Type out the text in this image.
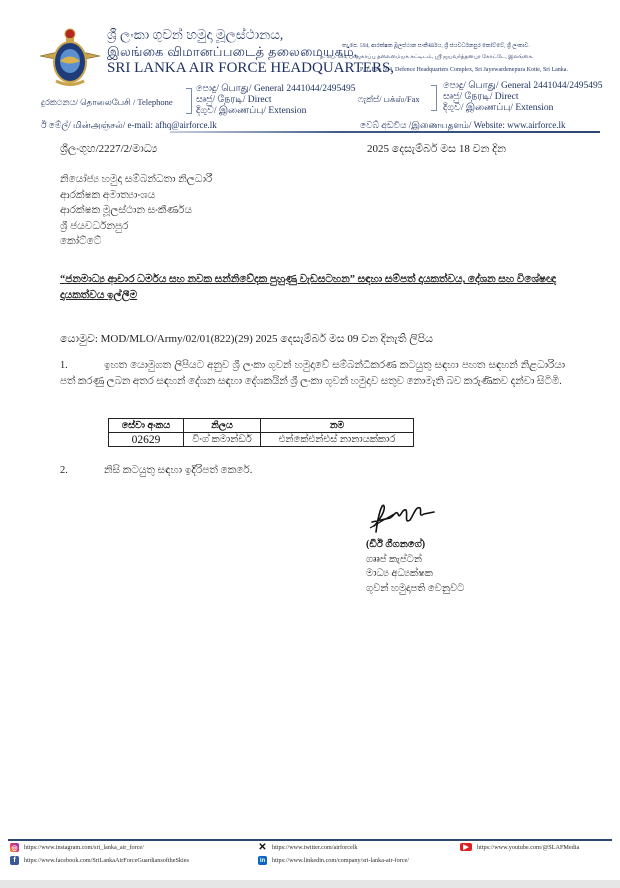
ශ්‍රී ලංකා ගුවන් හමුදා මූලස්ථානය,
இலங்கை விமானப்படைத் தலைமையகம்,
SRI LANKA AIR FORCE HEADQUARTERS,
තැ.පෙ. 594, ආරක්ෂක මූලස්ථාන සංකීර්ණය, ශ්‍රී ජයවර්ධනපුර කෝට්ටේ, ශ්‍රී ලංකාව.
த. பெ. 594, பாதுகாப்பு தலைமையக கட்டிடம், ஸ்ரீ ஜயவர்த்தனபுர கோட்டே, இலங்கை.
P.O. Box 594, Defence Headquarters Complex, Sri Jayewardenepura Kotte, Sri Lanka.
දුරකථනය/ தொலைபேசி / Telephone
පොදු/ பொது/ General 2441044/2495495
සෘජු/ நேரடி/ Direct
දිගුව/ இணைப்பு/ Extension
ෆැක්ස්/ பக்ஸ்/Fax
පොදු/ பொது/ General 2441044/2495495
සෘජු/ நேரடி/ Direct
දිගුව/ இணைப்பு/ Extension
ඊ මේල්/ மின்அஞ்சல்/ e-mail: afhq@airforce.lk	වෙබ් අඩවිය /இணையதளம்/ Website: www.airforce.lk
ශ්‍රීලංගුහ/2227/2/මාධ්‍ය	2025 දෙසැම්බර් මස 18 වන දින
නියෝජ්‍ය හමුදා සම්බන්ධතා නිලධාරී
ආරක්ෂක අමාත්‍යාංශය
ආරක්ෂක මූලස්ථාන සංකීර්ණය
ශ්‍රී ජයවර්ධනපුර
කෝට්ටේ
“ජනමාධ්‍ය ආචාර ධර්මය සහ නවක සන්නිවේදක පුහුණු වැඩසටහන” සඳහා සම්පත් දායකත්වය, දේශන සහ විශේෂඥ දායකත්වය ඉල්ලීම
යොමුව: MOD/MLO/Army/02/01(822)(29) 2025 දෙසැම්බර් මස 09 වන දිනැති ලිපිය
1.	ඉහත යොමුගත ලිපියට අනුව ශ්‍රී ලංකා ගුවන් හමුදාවේ සම්බන්ධීකරණ කටයුතු සඳහා පහත සඳහන් නිළධාරියා පත් කරණු ලබන අතර සඳහන් දේශන සඳහා දේශකයින් ශ්‍රී ලංකා ගුවන් හමුදාව සතුව නොමැති බව කරුණිකව දන්වා සිටිමි.
සේවා අංකය	නිලය	නම
02629	විංග් කමාන්ඩර්	එන්කේඑන්එස් නානායක්කාර
2.	නිසි කටයුතු සඳහා ඉදිරිපත් කෙරේ.
(ඩීඊ ගීගනගේ)
ගෘෘප් කැප්ටන්
මාධ්‍ය අධ්‍යක්ෂක
ගුවන් හමුදාපති වෙනුවට
◎ https://www.instagram.com/sri_lanka_air_force/
f	https://www.facebook.com/SriLankaAirForceGuardiansoftheSkies
✕ https://www.twitter.com/airforcelk
in https://www.linkedin.com/company/sri-lanka-air-force/
▶	https://www.youtube.com/@SLAFMedia
